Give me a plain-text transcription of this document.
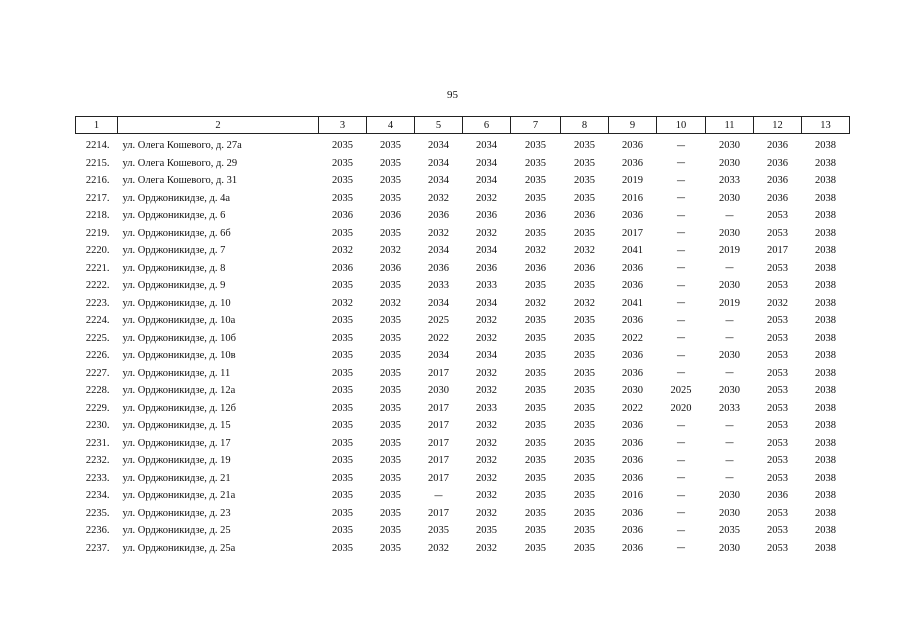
95
1	2	3	4	5	6	7	8	9	10	11	12	13
2214.	ул. Олега Кошевого, д. 27а	2035	2035	2034	2034	2035	2035	2036	—	2030	2036	2038
2215.	ул. Олега Кошевого, д. 29	2035	2035	2034	2034	2035	2035	2036	—	2030	2036	2038
2216.	ул. Олега Кошевого, д. 31	2035	2035	2034	2034	2035	2035	2019	—	2033	2036	2038
2217.	ул. Орджоникидзе, д. 4а	2035	2035	2032	2032	2035	2035	2016	—	2030	2036	2038
2218.	ул. Орджоникидзе, д. 6	2036	2036	2036	2036	2036	2036	2036	—	—	2053	2038
2219.	ул. Орджоникидзе, д. 6б	2035	2035	2032	2032	2035	2035	2017	—	2030	2053	2038
2220.	ул. Орджоникидзе, д. 7	2032	2032	2034	2034	2032	2032	2041	—	2019	2017	2038
2221.	ул. Орджоникидзе, д. 8	2036	2036	2036	2036	2036	2036	2036	—	—	2053	2038
2222.	ул. Орджоникидзе, д. 9	2035	2035	2033	2033	2035	2035	2036	—	2030	2053	2038
2223.	ул. Орджоникидзе, д. 10	2032	2032	2034	2034	2032	2032	2041	—	2019	2032	2038
2224.	ул. Орджоникидзе, д. 10а	2035	2035	2025	2032	2035	2035	2036	—	—	2053	2038
2225.	ул. Орджоникидзе, д. 10б	2035	2035	2022	2032	2035	2035	2022	—	—	2053	2038
2226.	ул. Орджоникидзе, д. 10в	2035	2035	2034	2034	2035	2035	2036	—	2030	2053	2038
2227.	ул. Орджоникидзе, д. 11	2035	2035	2017	2032	2035	2035	2036	—	—	2053	2038
2228.	ул. Орджоникидзе, д. 12а	2035	2035	2030	2032	2035	2035	2030	2025	2030	2053	2038
2229.	ул. Орджоникидзе, д. 12б	2035	2035	2017	2033	2035	2035	2022	2020	2033	2053	2038
2230.	ул. Орджоникидзе, д. 15	2035	2035	2017	2032	2035	2035	2036	—	—	2053	2038
2231.	ул. Орджоникидзе, д. 17	2035	2035	2017	2032	2035	2035	2036	—	—	2053	2038
2232.	ул. Орджоникидзе, д. 19	2035	2035	2017	2032	2035	2035	2036	—	—	2053	2038
2233.	ул. Орджоникидзе, д. 21	2035	2035	2017	2032	2035	2035	2036	—	—	2053	2038
2234.	ул. Орджоникидзе, д. 21а	2035	2035	—	2032	2035	2035	2016	—	2030	2036	2038
2235.	ул. Орджоникидзе, д. 23	2035	2035	2017	2032	2035	2035	2036	—	2030	2053	2038
2236.	ул. Орджоникидзе, д. 25	2035	2035	2035	2035	2035	2035	2036	—	2035	2053	2038
2237.	ул. Орджоникидзе, д. 25а	2035	2035	2032	2032	2035	2035	2036	—	2030	2053	2038
